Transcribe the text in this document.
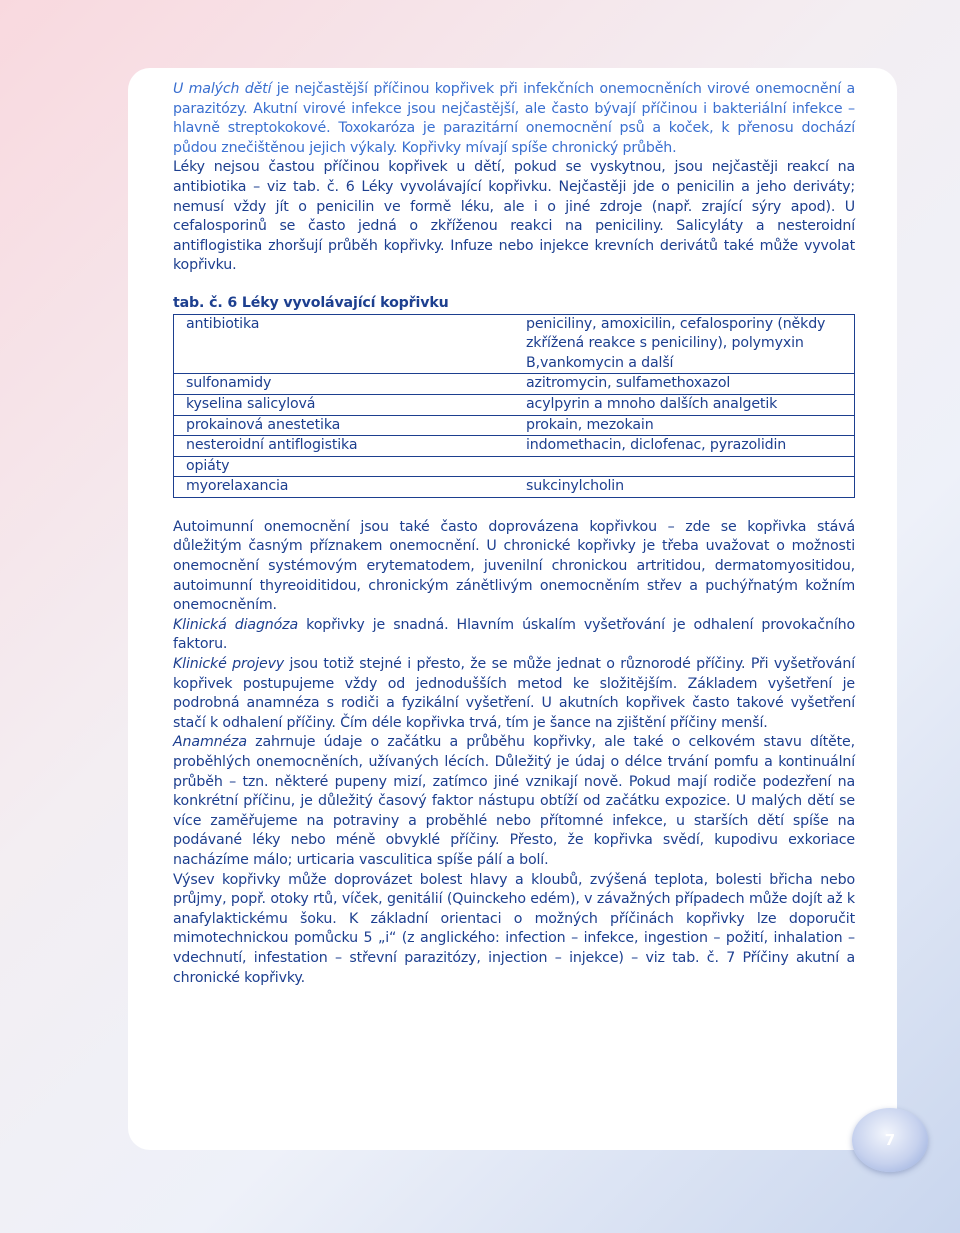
U malých dětí je nejčastější příčinou kopřivek při infekčních onemocněních virové onemocnění a parazitózy. Akutní virové infekce jsou nejčastější, ale často bývají příčinou i bakteriální infekce – hlavně streptokokové. Toxokaróza je parazitární onemocnění psů a koček, k přenosu dochází půdou znečištěnou jejich výkaly. Kopřivky mívají spíše chronický průběh.

Léky nejsou častou příčinou kopřivek u dětí, pokud se vyskytnou, jsou nejčastěji reakcí na antibiotika – viz tab. č. 6 Léky vyvolávající kopřivku. Nejčastěji jde o penicilin a jeho deriváty; nemusí vždy jít o penicilin ve formě léku, ale i o jiné zdroje (např. zrající sýry apod). U cefalosporinů se často jedná o zkříženou reakci na peniciliny. Salicyláty a nesteroidní antiflogistika zhoršují průběh kopřivky. Infuze nebo injekce krevních derivátů také může vyvolat kopřivku.

tab. č. 6 Léky vyvolávající kopřivku

antibiotika	peniciliny, amoxicilin, cefalosporiny (někdy zkřížená reakce s peniciliny), polymyxin B,vankomycin a další
sulfonamidy	azitromycin, sulfamethoxazol
kyselina salicylová	acylpyrin a mnoho dalších analgetik
prokainová anestetika	prokain, mezokain
nesteroidní antiflogistika	indomethacin, diclofenac, pyrazolidin
opiáty	
myorelaxancia	sukcinylcholin

Autoimunní onemocnění jsou také často doprovázena kopřivkou – zde se kopřivka stává důležitým časným příznakem onemocnění. U chronické kopřivky je třeba uvažovat o možnosti onemocnění systémovým erytematodem, juvenilní chronickou artritidou, dermatomyositidou, autoimunní thyreoiditidou, chronickým zánětlivým onemocněním střev a puchýřnatým kožním onemocněním.

Klinická diagnóza kopřivky je snadná. Hlavním úskalím vyšetřování je odhalení provokačního faktoru.

Klinické projevy jsou totiž stejné i přesto, že se může jednat o různorodé příčiny. Při vyšetřování kopřivek postupujeme vždy od jednodušších metod ke složitějším. Základem vyšetření je podrobná anamnéza s rodiči a fyzikální vyšetření. U akutních kopřivek často takové vyšetření stačí k odhalení příčiny. Čím déle kopřivka trvá, tím je šance na zjištění příčiny menší.

Anamnéza zahrnuje údaje o začátku a průběhu kopřivky, ale také o celkovém stavu dítěte, proběhlých onemocněních, užívaných lécích. Důležitý je údaj o délce trvání pomfu a kontinuální průběh – tzn. některé pupeny mizí, zatímco jiné vznikají nově. Pokud mají rodiče podezření na konkrétní příčinu, je důležitý časový faktor nástupu obtíží od začátku expozice. U malých dětí se více zaměřujeme na potraviny a proběhlé nebo přítomné infekce, u starších dětí spíše na podávané léky nebo méně obvyklé příčiny. Přesto, že kopřivka svědí, kupodivu exkoriace nacházíme málo; urticaria vasculitica spíše pálí a bolí.

Výsev kopřivky může doprovázet bolest hlavy a kloubů, zvýšená teplota, bolesti břicha nebo průjmy, popř. otoky rtů, víček, genitálií (Quinckeho edém), v závažných případech může dojít až k anafylaktickému šoku. K základní orientaci o možných příčinách kopřivky lze doporučit mimotechnickou pomůcku 5 „i“ (z anglického: infection – infekce, ingestion – požití, inhalation – vdechnutí, infestation – střevní parazitózy, injection – injekce) – viz tab. č. 7 Příčiny akutní a chronické kopřivky.

7
